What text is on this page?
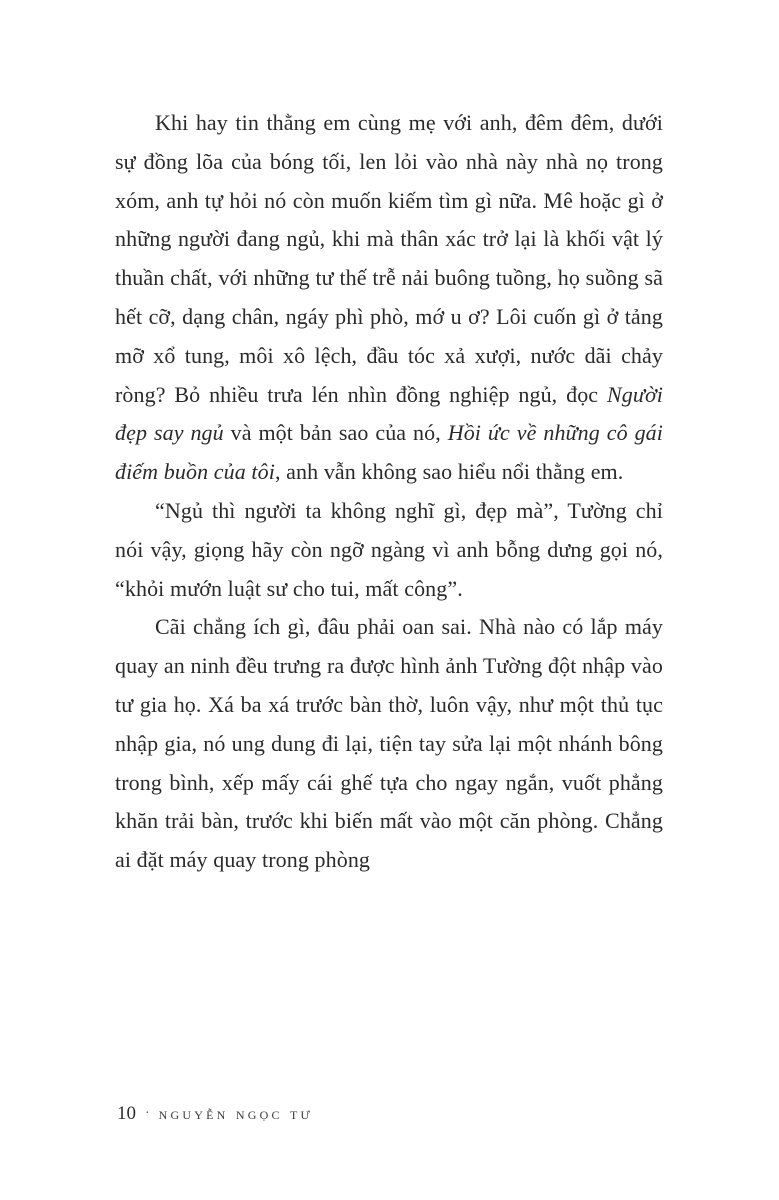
Khi hay tin thằng em cùng mẹ với anh, đêm đêm, dưới sự đồng lõa của bóng tối, len lỏi vào nhà này nhà nọ trong xóm, anh tự hỏi nó còn muốn kiếm tìm gì nữa. Mê hoặc gì ở những người đang ngủ, khi mà thân xác trở lại là khối vật lý thuần chất, với những tư thế trễ nải buông tuồng, họ suồng sã hết cỡ, dạng chân, ngáy phì phò, mớ u ơ? Lôi cuốn gì ở tảng mỡ xổ tung, môi xô lệch, đầu tóc xả xượi, nước dãi chảy ròng? Bỏ nhiều trưa lén nhìn đồng nghiệp ngủ, đọc Người đẹp say ngủ và một bản sao của nó, Hồi ức về những cô gái điếm buồn của tôi, anh vẫn không sao hiểu nổi thằng em.

“Ngủ thì người ta không nghĩ gì, đẹp mà”, Tường chỉ nói vậy, giọng hãy còn ngỡ ngàng vì anh bỗng dưng gọi nó, “khỏi mướn luật sư cho tui, mất công”.

Cãi chẳng ích gì, đâu phải oan sai. Nhà nào có lắp máy quay an ninh đều trưng ra được hình ảnh Tường đột nhập vào tư gia họ. Xá ba xá trước bàn thờ, luôn vậy, như một thủ tục nhập gia, nó ung dung đi lại, tiện tay sửa lại một nhánh bông trong bình, xếp mấy cái ghế tựa cho ngay ngắn, vuốt phẳng khăn trải bàn, trước khi biến mất vào một căn phòng. Chẳng ai đặt máy quay trong phòng

10 · nguyễn ngọc tư
